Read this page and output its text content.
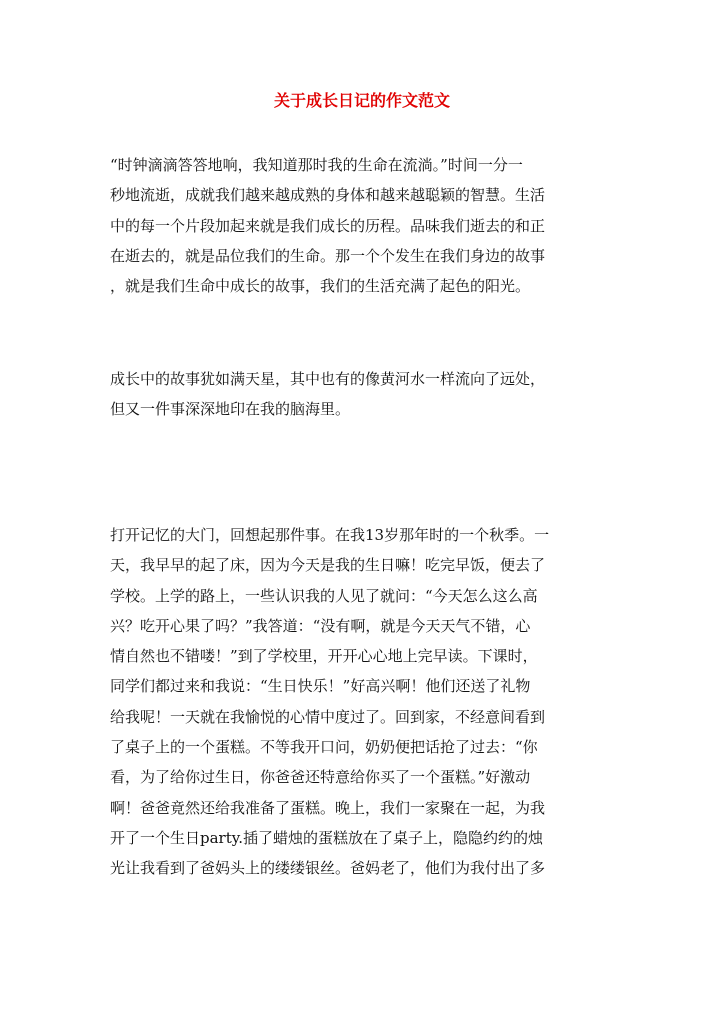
关于成长日记的作文范文

“时钟滴滴答答地响，我知道那时我的生命在流淌。”时间一分一
秒地流逝，成就我们越来越成熟的身体和越来越聪颖的智慧。生活
中的每一个片段加起来就是我们成长的历程。品味我们逝去的和正
在逝去的，就是品位我们的生命。那一个个发生在我们身边的故事
，就是我们生命中成长的故事，我们的生活充满了起色的阳光。

成长中的故事犹如满天星，其中也有的像黄河水一样流向了远处，
但又一件事深深地印在我的脑海里。

打开记忆的大门，回想起那件事。在我13岁那年时的一个秋季。一
天，我早早的起了床，因为今天是我的生日嘛！吃完早饭，便去了
学校。上学的路上，一些认识我的人见了就问：“今天怎么这么高
兴？吃开心果了吗？”我答道：“没有啊，就是今天天气不错，心
情自然也不错喽！”到了学校里，开开心心地上完早读。下课时，
同学们都过来和我说：“生日快乐！”好高兴啊！他们还送了礼物
给我呢！一天就在我愉悦的心情中度过了。回到家，不经意间看到
了桌子上的一个蛋糕。不等我开口问，奶奶便把话抢了过去：“你
看，为了给你过生日，你爸爸还特意给你买了一个蛋糕。”好激动
啊！爸爸竟然还给我准备了蛋糕。晚上，我们一家聚在一起，为我
开了一个生日party.插了蜡烛的蛋糕放在了桌子上，隐隐约约的烛
光让我看到了爸妈头上的缕缕银丝。爸妈老了，他们为我付出了多
